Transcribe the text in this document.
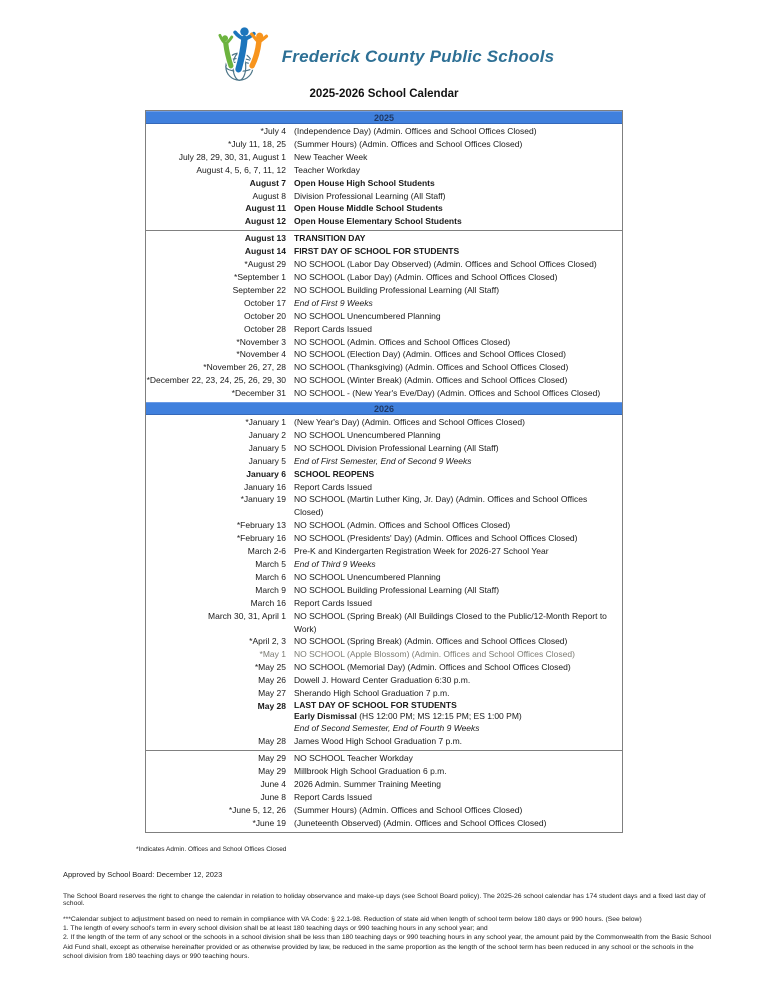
Frederick County Public Schools
2025-2026 School Calendar
2025
*July 4 (Independence Day) (Admin. Offices and School Offices Closed)
*July 11, 18, 25 (Summer Hours) (Admin. Offices and School Offices Closed)
July 28, 29, 30, 31, August 1 New Teacher Week
August 4, 5, 6, 7, 11, 12 Teacher Workday
August 7 Open House High School Students
August 8 Division Professional Learning (All Staff)
August 11 Open House Middle School Students
August 12 Open House Elementary School Students
August 13 TRANSITION DAY
August 14 FIRST DAY OF SCHOOL FOR STUDENTS
*August 29 NO SCHOOL (Labor Day Observed) (Admin. Offices and School Offices Closed)
*September 1 NO SCHOOL (Labor Day) (Admin. Offices and School Offices Closed)
September 22 NO SCHOOL Building Professional Learning (All Staff)
October 17 End of First 9 Weeks
October 20 NO SCHOOL Unencumbered Planning
October 28 Report Cards Issued
*November 3 NO SCHOOL (Admin. Offices and School Offices Closed)
*November 4 NO SCHOOL (Election Day) (Admin. Offices and School Offices Closed)
*November 26, 27, 28 NO SCHOOL (Thanksgiving) (Admin. Offices and School Offices Closed)
*December 22, 23, 24, 25, 26, 29, 30 NO SCHOOL (Winter Break) (Admin. Offices and School Offices Closed)
*December 31 NO SCHOOL - (New Year's Eve/Day) (Admin. Offices and School Offices Closed)
2026
*January 1 (New Year's Day) (Admin. Offices and School Offices Closed)
January 2 NO SCHOOL Unencumbered Planning
January 5 NO SCHOOL Division Professional Learning (All Staff)
January 5 End of First Semester, End of Second 9 Weeks
January 6 SCHOOL REOPENS
January 16 Report Cards Issued
*January 19 NO SCHOOL (Martin Luther King, Jr. Day) (Admin. Offices and School Offices Closed)
*February 13 NO SCHOOL (Admin. Offices and School Offices Closed)
*February 16 NO SCHOOL (Presidents' Day) (Admin. Offices and School Offices Closed)
March 2-6 Pre-K and Kindergarten Registration Week for 2026-27 School Year
March 5 End of Third 9 Weeks
March 6 NO SCHOOL Unencumbered Planning
March 9 NO SCHOOL Building Professional Learning (All Staff)
March 16 Report Cards Issued
March 30, 31, April 1 NO SCHOOL (Spring Break) (All Buildings Closed to the Public/12-Month Report to Work)
*April 2, 3 NO SCHOOL (Spring Break) (Admin. Offices and School Offices Closed)
*May 1 NO SCHOOL (Apple Blossom) (Admin. Offices and School Offices Closed)
*May 25 NO SCHOOL (Memorial Day) (Admin. Offices and School Offices Closed)
May 26 Dowell J. Howard Center Graduation 6:30 p.m.
May 27 Sherando High School Graduation 7 p.m.
May 28 LAST DAY OF SCHOOL FOR STUDENTS
Early Dismissal (HS 12:00 PM; MS 12:15 PM; ES 1:00 PM)
End of Second Semester, End of Fourth 9 Weeks
May 28 James Wood High School Graduation 7 p.m.
May 29 NO SCHOOL Teacher Workday
May 29 Millbrook High School Graduation 6 p.m.
June 4 2026 Admin. Summer Training Meeting
June 8 Report Cards Issued
*June 5, 12, 26 (Summer Hours) (Admin. Offices and School Offices Closed)
*June 19 (Juneteenth Observed) (Admin. Offices and School Offices Closed)
*Indicates Admin. Offices and School Offices Closed
Approved by School Board: December 12, 2023
The School Board reserves the right to change the calendar in relation to holiday observance and make-up days (see School Board policy). The 2025-26 school calendar has 174 student days and a fixed last day of school.
***Calendar subject to adjustment based on need to remain in compliance with VA Code: § 22.1-98. Reduction of state aid when length of school term below 180 days or 990 hours. (See below)
1. The length of every school's term in every school division shall be at least 180 teaching days or 990 teaching hours in any school year; and
2. If the length of the term of any school or the schools in a school division shall be less than 180 teaching days or 990 teaching hours in any school year, the amount paid by the Commonwealth from the Basic School Aid Fund shall, except as otherwise hereinafter provided or as otherwise provided by law, be reduced in the same proportion as the length of the school term has been reduced in any school or the schools in the school division from 180 teaching days or 990 teaching hours.
